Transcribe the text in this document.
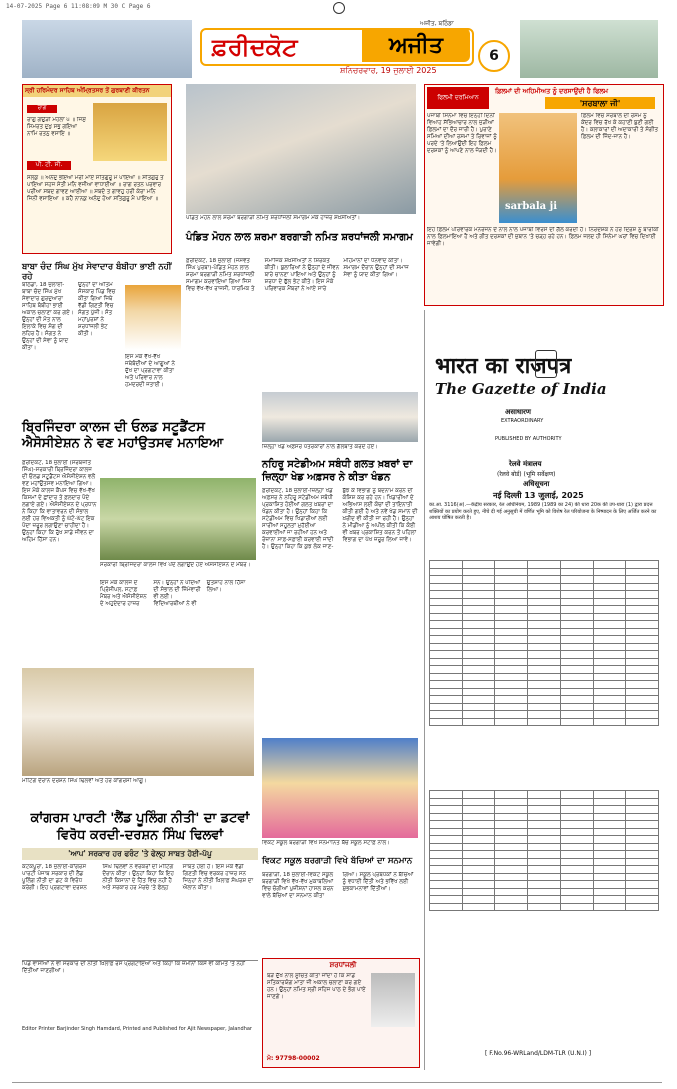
14-07-2025 Page 6 11:08:09 M 30 C Page 6
ਫ਼ਰੀਦਕੋਟ	ਅਜੀਤ
ਅਜੀਤ, ਬਠਿੰਡਾ
ਸ਼ਨਿਚਰਵਾਰ, 19 ਜੁਲਾਈ 2025
6
ਸ੍ਰੀ ਹਰਿਮੰਦਰ ਸਾਹਿਬ ਅੰਮ੍ਰਿਤਸਰ ਤੋਂ ਗੁਰਬਾਣੀ ਕੀਰਤਨ
ਰਾਗ
ਰਾਗੁ ਗਉੜੀ ਮਹਲਾ ੫ ॥ ਜਿਸੁ ਸਿਮਰਤ ਦੁਖੁ ਸਭੁ ਗਇਆ ਨਾਮਿ ਰਤਨੁ ਵਸਾਇ ॥
ਪੀ. ਟੀ. ਸੀ.
ਸਲੋਕੁ ॥ ਅਨੰਦੁ ਭਇਆ ਮੇਰੀ ਮਾਏ ਸਤਿਗੁਰੂ ਮੈ ਪਾਇਆ ॥ ਸਤਿਗੁਰੁ ਤ ਪਾਇਆ ਸਹਜ ਸੇਤੀ ਮਨਿ ਵਜੀਆ ਵਾਧਾਈਆ ॥ ਰਾਗ ਰਤਨ ਪਰਵਾਰ ਪਰੀਆ ਸਬਦ ਗਾਵਣ ਆਈਆ ॥ ਸਬਦੋ ਤ ਗਾਵਹੁ ਹਰੀ ਕੇਰਾ ਮਨਿ ਜਿਨੀ ਵਸਾਇਆ ॥ ਕਹੈ ਨਾਨਕੁ ਅਨੰਦੁ ਹੋਆ ਸਤਿਗੁਰੂ ਮੈ ਪਾਇਆ ॥
ਪੰਡਿਤ ਮੋਹਨ ਲਾਲ ਸ਼ਰਮਾ ਬਰਗਾੜੀ ਨਮਿਤ ਸ਼ਰਧਾਂਜਲੀ ਸਮਾਗਮ ਮੌਕੇ ਹਾਜ਼ਰ ਸ਼ਖ਼ਸੀਅਤਾਂ।
ਫਿਲਮੀ ਦਰਮਿਆਨ
ਫ਼ਿਲਮਾਂ ਦੀ ਅਹਿਮੀਅਤ ਨੂੰ ਦਰਸਾਉਂਦੀ ਹੈ ਫਿਲਮ
'ਸਰਬਾਲਾ ਜੀ'
ਪੰਜਾਬੀ ਸਿਨੇਮਾ ਵਿਚ ਇਨ੍ਹੀਂ ਦਿਨੀਂ ਵਿਆਹ ਸੱਭਿਆਚਾਰ ਨਾਲ ਜੁੜੀਆਂ ਫ਼ਿਲਮਾਂ ਦਾ ਦੌਰ ਜਾਰੀ ਹੈ। ਪੁਰਾਣੇ ਸਮਿਆਂ ਦੀਆਂ ਰਸਮਾਂ ਤੇ ਰਿਵਾਜਾਂ ਨੂੰ ਪਰਦੇ 'ਤੇ ਲਿਆਉਂਦੀ ਇਹ ਫ਼ਿਲਮ ਦਰਸ਼ਕਾਂ ਨੂੰ ਆਪਣੇ ਨਾਲ ਜੋੜਦੀ ਹੈ।
sarbala ji
ਫ਼ਿਲਮ ਵਿਚ ਸਰਬਾਲੇ ਦੀ ਰਸਮ ਨੂੰ ਕੇਂਦਰ ਵਿਚ ਰੱਖ ਕੇ ਕਹਾਣੀ ਬੁਣੀ ਗਈ ਹੈ। ਕਲਾਕਾਰਾਂ ਦੀ ਅਦਾਕਾਰੀ ਤੇ ਸੰਗੀਤ ਫ਼ਿਲਮ ਦੀ ਜਿੰਦ-ਜਾਨ ਹੈ।
ਇਹ ਫ਼ਿਲਮ ਪਰਿਵਾਰਕ ਮਨੋਰੰਜਨ ਦੇ ਨਾਲ ਨਾਲ ਪੰਜਾਬੀ ਵਿਰਸੇ ਦੀ ਗੱਲ ਕਰਦੀ ਹੈ। ਨਿਰਦੇਸ਼ਕ ਨੇ ਹਰ ਦ੍ਰਿਸ਼ ਨੂੰ ਬਾਰੀਕੀ ਨਾਲ ਫ਼ਿਲਮਾਇਆ ਹੈ ਅਤੇ ਗੀਤ ਦਰਸ਼ਕਾਂ ਦੀ ਜ਼ੁਬਾਨ 'ਤੇ ਚੜ੍ਹ ਰਹੇ ਹਨ। ਫ਼ਿਲਮ ਜਲਦ ਹੀ ਸਿਨੇਮਾ ਘਰਾਂ ਵਿਚ ਦਿਖਾਈ ਜਾਵੇਗੀ।
ਪੰਡਿਤ ਮੋਹਨ ਲਾਲ ਸ਼ਰਮਾ ਬਰਗਾੜੀ ਨਮਿਤ ਸ਼ਰਧਾਂਜਲੀ ਸਮਾਗਮ
ਫ਼ਰੀਦਕੋਟ, 18 ਜੁਲਾਈ (ਜਸਵੰਤ ਸਿੰਘ ਪੁਰਬਾ)-ਪੰਡਿਤ ਮੋਹਨ ਲਾਲ ਸ਼ਰਮਾ ਬਰਗਾੜੀ ਨਮਿਤ ਸ਼ਰਧਾਂਜਲੀ ਸਮਾਗਮ ਕਰਵਾਇਆ ਗਿਆ ਜਿਸ ਵਿਚ ਵੱਖ-ਵੱਖ ਰਾਜਸੀ, ਧਾਰਮਿਕ ਤੇ ਸਮਾਜਿਕ ਸ਼ਖ਼ਸੀਅਤਾਂ ਨੇ ਸ਼ਿਰਕਤ ਕੀਤੀ। ਬੁਲਾਰਿਆਂ ਨੇ ਉਨ੍ਹਾਂ ਦੇ ਜੀਵਨ ਬਾਰੇ ਚਾਨਣਾ ਪਾਇਆ ਅਤੇ ਉਨ੍ਹਾਂ ਨੂੰ ਸ਼ਰਧਾ ਦੇ ਫੁੱਲ ਭੇਟ ਕੀਤੇ। ਇਸ ਮੌਕੇ ਪਰਿਵਾਰਕ ਮੈਂਬਰਾਂ ਨੇ ਆਏ ਸਾਰੇ ਮਹਿਮਾਨਾਂ ਦਾ ਧੰਨਵਾਦ ਕੀਤਾ। ਸਮਾਗਮ ਦੌਰਾਨ ਉਨ੍ਹਾਂ ਦੀ ਸਮਾਜ ਸੇਵਾ ਨੂੰ ਯਾਦ ਕੀਤਾ ਗਿਆ।
ਬਾਬਾ ਚੰਦ ਸਿੰਘ ਮੁੱਖ ਸੇਵਾਦਾਰ ਬੰਬੀਹਾ ਭਾਈ ਨਹੀਂ ਰਹੇ
ਬਠਿੰਡਾ, 18 ਜੁਲਾਈ-ਬਾਬਾ ਚੰਦ ਸਿੰਘ ਮੁੱਖ ਸੇਵਾਦਾਰ ਗੁਰਦੁਆਰਾ ਸਾਹਿਬ ਬੰਬੀਹਾ ਭਾਈ ਅਕਾਲ ਚਲਾਣਾ ਕਰ ਗਏ। ਉਨ੍ਹਾਂ ਦੀ ਮੌਤ ਨਾਲ ਇਲਾਕੇ ਵਿਚ ਸੋਗ ਦੀ ਲਹਿਰ ਹੈ। ਸੰਗਤ ਨੇ ਉਨ੍ਹਾਂ ਦੀ ਸੇਵਾ ਨੂੰ ਯਾਦ ਕੀਤਾ।
ਉਨ੍ਹਾਂ ਦਾ ਅੰਤਿਮ ਸੰਸਕਾਰ ਪਿੰਡ ਵਿਚ ਕੀਤਾ ਗਿਆ ਜਿਥੇ ਵੱਡੀ ਗਿਣਤੀ ਵਿਚ ਸੰਗਤ ਪੁੱਜੀ। ਸੰਤ ਮਹਾਂਪੁਰਸ਼ਾਂ ਨੇ ਸ਼ਰਧਾਂਜਲੀ ਭੇਟ ਕੀਤੀ।
ਇਸ ਮੌਕੇ ਵੱਖ-ਵੱਖ ਜਥੇਬੰਦੀਆਂ ਦੇ ਆਗੂਆਂ ਨੇ ਦੁੱਖ ਦਾ ਪ੍ਰਗਟਾਵਾ ਕੀਤਾ ਅਤੇ ਪਰਿਵਾਰ ਨਾਲ ਹਮਦਰਦੀ ਜਤਾਈ।
ਬ੍ਰਿਜਿੰਦਰਾ ਕਾਲਜ ਦੀ ਓਲਡ ਸਟੂਡੈਂਟਸ ਐਸੋਸੀਏਸ਼ਨ ਨੇ ਵਣ ਮਹਾਂਉਤਸਵ ਮਨਾਇਆ
ਫ਼ਰੀਦਕੋਟ, 18 ਜੁਲਾਈ (ਸਰਬਜੀਤ ਸਿੰਘ)-ਸਰਕਾਰੀ ਬ੍ਰਿਜਿੰਦਰਾ ਕਾਲਜ ਦੀ ਓਲਡ ਸਟੂਡੈਂਟਸ ਐਸੋਸੀਏਸ਼ਨ ਵਲੋਂ ਵਣ ਮਹਾਂਉਤਸਵ ਮਨਾਇਆ ਗਿਆ। ਇਸ ਮੌਕੇ ਕਾਲਜ ਕੈਂਪਸ ਵਿਚ ਵੱਖ-ਵੱਖ ਕਿਸਮਾਂ ਦੇ ਛਾਂਦਾਰ ਤੇ ਫ਼ਲਦਾਰ ਪੌਦੇ ਲਗਾਏ ਗਏ। ਐਸੋਸੀਏਸ਼ਨ ਦੇ ਪ੍ਰਧਾਨ ਨੇ ਕਿਹਾ ਕਿ ਵਾਤਾਵਰਨ ਦੀ ਸੰਭਾਲ ਲਈ ਹਰ ਵਿਅਕਤੀ ਨੂੰ ਘੱਟੋ-ਘੱਟ ਇਕ ਪੌਦਾ ਜ਼ਰੂਰ ਲਗਾਉਣਾ ਚਾਹੀਦਾ ਹੈ। ਉਨ੍ਹਾਂ ਕਿਹਾ ਕਿ ਰੁੱਖ ਸਾਡੇ ਜੀਵਨ ਦਾ ਅਹਿਮ ਹਿੱਸਾ ਹਨ।
ਸਰਕਾਰੀ ਬ੍ਰਿਜਿੰਦਰਾ ਕਾਲਜ ਵਿਖੇ ਪੌਦੇ ਲਗਾਉਂਦੇ ਹੋਏ ਐਸੋਸੀਏਸ਼ਨ ਦੇ ਮੈਂਬਰ।
ਇਸ ਮੌਕੇ ਕਾਲਜ ਦੇ ਪ੍ਰਿੰਸੀਪਲ, ਸਟਾਫ਼ ਮੈਂਬਰ ਅਤੇ ਐਸੋਸੀਏਸ਼ਨ ਦੇ ਅਹੁਦੇਦਾਰ ਹਾਜ਼ਰ ਸਨ। ਉਨ੍ਹਾਂ ਨੇ ਪੌਦਿਆਂ ਦੀ ਸੰਭਾਲ ਦੀ ਜ਼ਿੰਮੇਵਾਰੀ ਵੀ ਲਈ। ਵਿਦਿਆਰਥੀਆਂ ਨੇ ਵੀ ਉਤਸ਼ਾਹ ਨਾਲ ਹਿੱਸਾ ਲਿਆ।
ਮੀਟਿੰਗ ਦੌਰਾਨ ਦਰਸ਼ਨ ਸਿੰਘ ਢਿਲਵਾਂ ਅਤੇ ਹੋਰ ਕਾਂਗਰਸੀ ਆਗੂ।
ਕਾਂਗਰਸ ਪਾਰਟੀ 'ਲੈਂਡ ਪੂਲਿੰਗ ਨੀਤੀ' ਦਾ ਡਟਵਾਂ ਵਿਰੋਧ ਕਰਦੀ-ਦਰਸ਼ਨ ਸਿੰਘ ਢਿਲਵਾਂ
'ਆਪ' ਸਰਕਾਰ ਹਰ ਫਰੰਟ 'ਤੇ ਫੇਲ੍ਹ ਸਾਬਤ ਹੋਈ-ਪੱਪੂ
ਕੋਟਕਪੂਰਾ, 18 ਜੁਲਾਈ-ਕਾਂਗਰਸ ਪਾਰਟੀ ਪੰਜਾਬ ਸਰਕਾਰ ਦੀ ਲੈਂਡ ਪੂਲਿੰਗ ਨੀਤੀ ਦਾ ਡਟ ਕੇ ਵਿਰੋਧ ਕਰੇਗੀ। ਇਹ ਪ੍ਰਗਟਾਵਾ ਦਰਸ਼ਨ ਸਿੰਘ ਢਿਲਵਾਂ ਨੇ ਵਰਕਰਾਂ ਦੀ ਮੀਟਿੰਗ ਦੌਰਾਨ ਕੀਤਾ। ਉਨ੍ਹਾਂ ਕਿਹਾ ਕਿ ਇਹ ਨੀਤੀ ਕਿਸਾਨਾਂ ਦੇ ਹਿੱਤ ਵਿਚ ਨਹੀਂ ਹੈ ਅਤੇ ਸਰਕਾਰ ਹਰ ਮੋਰਚੇ 'ਤੇ ਫੇਲ੍ਹ ਸਾਬਤ ਹੋਈ ਹੈ। ਇਸ ਮੌਕੇ ਵੱਡੀ ਗਿਣਤੀ ਵਿਚ ਵਰਕਰ ਹਾਜ਼ਰ ਸਨ ਜਿਨ੍ਹਾਂ ਨੇ ਨੀਤੀ ਖ਼ਿਲਾਫ਼ ਸੰਘਰਸ਼ ਦਾ ਐਲਾਨ ਕੀਤਾ।
ਪਿੰਡ ਵਾਸੀਆਂ ਨੇ ਵੀ ਸਰਕਾਰ ਦੀ ਨੀਤੀ ਖ਼ਿਲਾਫ਼ ਰੋਸ ਪ੍ਰਗਟਾਇਆ ਅਤੇ ਕਿਹਾ ਕਿ ਜ਼ਮੀਨਾਂ ਕਿਸੇ ਵੀ ਕੀਮਤ 'ਤੇ ਨਹੀਂ ਦਿੱਤੀਆਂ ਜਾਣਗੀਆਂ।
Editor Printer Barjinder Singh Hamdard, Printed and Published for Ajit Newspaper, Jalandhar
ਜ਼ਿਲ੍ਹਾ ਖੇਡ ਅਫ਼ਸਰ ਪੱਤਰਕਾਰਾਂ ਨਾਲ ਗੱਲਬਾਤ ਕਰਦੇ ਹੋਏ।
ਨਹਿਰੂ ਸਟੇਡੀਅਮ ਸਬੰਧੀ ਗਲਤ ਖ਼ਬਰਾਂ ਦਾ ਜ਼ਿਲ੍ਹਾ ਖੇਡ ਅਫ਼ਸਰ ਨੇ ਕੀਤਾ ਖੰਡਨ
ਫ਼ਰੀਦਕੋਟ, 18 ਜੁਲਾਈ-ਜ਼ਿਲ੍ਹਾ ਖੇਡ ਅਫ਼ਸਰ ਨੇ ਨਹਿਰੂ ਸਟੇਡੀਅਮ ਸਬੰਧੀ ਪ੍ਰਕਾਸ਼ਿਤ ਹੋਈਆਂ ਗਲਤ ਖ਼ਬਰਾਂ ਦਾ ਖੰਡਨ ਕੀਤਾ ਹੈ। ਉਨ੍ਹਾਂ ਕਿਹਾ ਕਿ ਸਟੇਡੀਅਮ ਵਿਚ ਖਿਡਾਰੀਆਂ ਲਈ ਸਾਰੀਆਂ ਸਹੂਲਤਾਂ ਮੁਹੱਈਆ ਕਰਵਾਈਆਂ ਜਾ ਰਹੀਆਂ ਹਨ ਅਤੇ ਰੋਜ਼ਾਨਾ ਸਾਫ਼-ਸਫ਼ਾਈ ਕਰਵਾਈ ਜਾਂਦੀ ਹੈ। ਉਨ੍ਹਾਂ ਕਿਹਾ ਕਿ ਕੁਝ ਲੋਕ ਜਾਣ-ਬੁੱਝ ਕੇ ਵਿਭਾਗ ਨੂੰ ਬਦਨਾਮ ਕਰਨ ਦੀ ਕੋਸ਼ਿਸ਼ ਕਰ ਰਹੇ ਹਨ। ਖਿਡਾਰੀਆਂ ਦੇ ਅਭਿਆਸ ਲਈ ਕੋਚਾਂ ਦੀ ਤਾਇਨਾਤੀ ਕੀਤੀ ਗਈ ਹੈ ਅਤੇ ਨਵੇਂ ਖੇਡ ਸਮਾਨ ਦੀ ਖ਼ਰੀਦ ਵੀ ਕੀਤੀ ਜਾ ਰਹੀ ਹੈ। ਉਨ੍ਹਾਂ ਨੇ ਮੀਡੀਆ ਨੂੰ ਅਪੀਲ ਕੀਤੀ ਕਿ ਕੋਈ ਵੀ ਖ਼ਬਰ ਪ੍ਰਕਾਸ਼ਿਤ ਕਰਨ ਤੋਂ ਪਹਿਲਾਂ ਵਿਭਾਗ ਦਾ ਪੱਖ ਜ਼ਰੂਰ ਲਿਆ ਜਾਵੇ।
ਵਿਕਟ ਸਕੂਲ ਬਰਗਾੜੀ ਵਿਖੇ ਸਨਮਾਨਿਤ ਬੱਚੇ ਸਕੂਲ ਸਟਾਫ਼ ਨਾਲ।
ਵਿਕਟ ਸਕੂਲ ਬਰਗਾੜੀ ਵਿਖੇ ਬੱਚਿਆਂ ਦਾ ਸਨਮਾਨ
ਬਰਗਾੜੀ, 18 ਜੁਲਾਈ-ਵਿਕਟ ਸਕੂਲ ਬਰਗਾੜੀ ਵਿਖੇ ਵੱਖ-ਵੱਖ ਮੁਕਾਬਲਿਆਂ ਵਿਚ ਚੰਗੀਆਂ ਪੁਜ਼ੀਸ਼ਨਾਂ ਹਾਸਲ ਕਰਨ ਵਾਲੇ ਬੱਚਿਆਂ ਦਾ ਸਨਮਾਨ ਕੀਤਾ ਗਿਆ। ਸਕੂਲ ਪ੍ਰਬੰਧਕਾਂ ਨੇ ਬੱਚਿਆਂ ਨੂੰ ਵਧਾਈ ਦਿੱਤੀ ਅਤੇ ਭਵਿੱਖ ਲਈ ਸ਼ੁਭਕਾਮਨਾਵਾਂ ਦਿੱਤੀਆਂ।
ਸ਼ਰਧਾਂਜਲੀ
ਬੜੇ ਦੁੱਖ ਨਾਲ ਸੂਚਿਤ ਕੀਤਾ ਜਾਂਦਾ ਹੈ ਕਿ ਸਾਡੇ ਸਤਿਕਾਰਯੋਗ ਮਾਤਾ ਜੀ ਅਕਾਲ ਚਲਾਣਾ ਕਰ ਗਏ ਹਨ। ਉਨ੍ਹਾਂ ਨਮਿਤ ਸ੍ਰੀ ਸਹਿਜ ਪਾਠ ਦੇ ਭੋਗ ਪਾਏ ਜਾਣਗੇ।
ਮੋ: 97798-00002
भारत का राजपत्र
The Gazette of India
असाधारण
EXTRAORDINARY
PUBLISHED BY AUTHORITY
रेलवे मंत्रालय
(रेलवे बोर्ड) (भूमि सर्वेक्षण)
अधिसूचना
नई दिल्ली 13 जुलाई, 2025
का.आ. 3116(अ).—केंद्रीय सरकार, रेल अधिनियम, 1989 (1989 का 24) की धारा 20क की उप-धारा (1) द्वारा प्रदत्त शक्तियों का प्रयोग करते हुए, नीचे दी गई अनुसूची में वर्णित भूमि को विशेष रेल परियोजना के निष्पादन के लिए अर्जित करने का आशय घोषित करती है।

[ F.No.96-WRLand/LDM-TLR (U.N.I) ]
